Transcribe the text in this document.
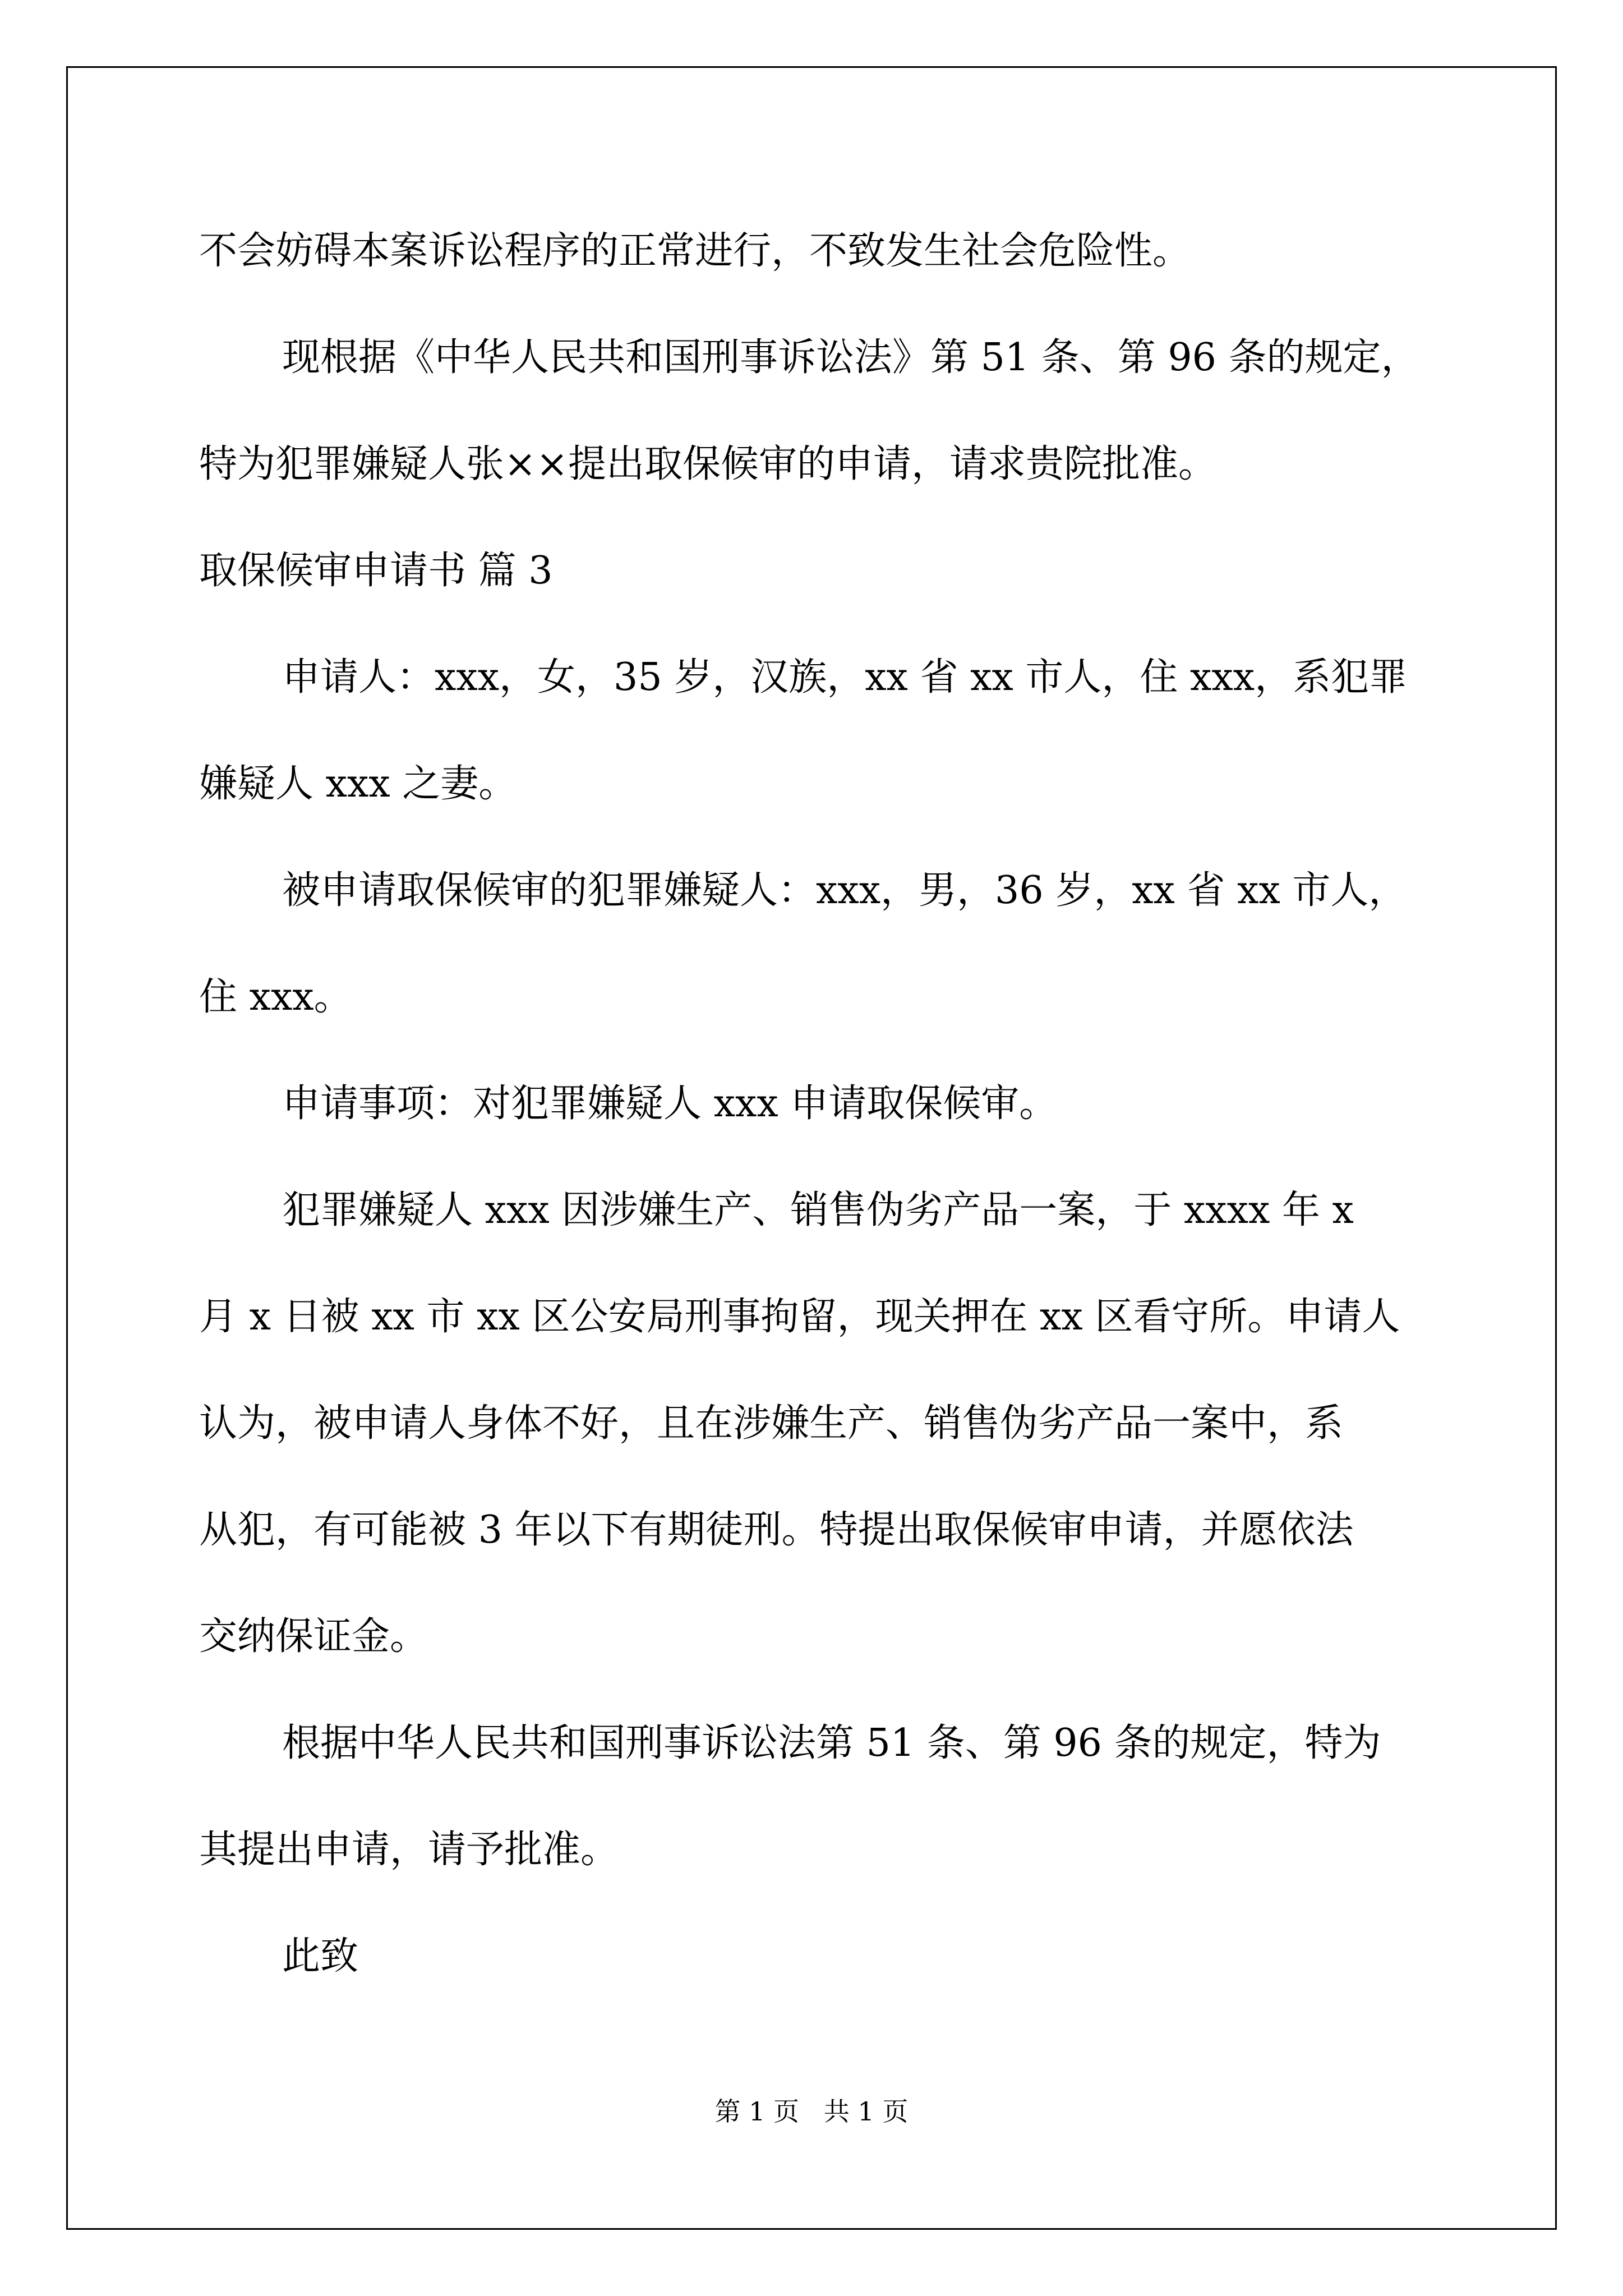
不会妨碍本案诉讼程序的正常进行，不致发生社会危险性。
现根据《中华人民共和国刑事诉讼法》第 51 条、第 96 条的规定，
特为犯罪嫌疑人张××提出取保候审的申请，请求贵院批准。
取保候审申请书 篇 3
申请人：xxx，女，35 岁，汉族，xx 省 xx 市人，住 xxx，系犯罪
嫌疑人 xxx 之妻。
被申请取保候审的犯罪嫌疑人：xxx，男，36 岁，xx 省 xx 市人，
住 xxx。
申请事项：对犯罪嫌疑人 xxx 申请取保候审。
犯罪嫌疑人 xxx 因涉嫌生产、销售伪劣产品一案，于 xxxx 年 x
月 x 日被 xx 市 xx 区公安局刑事拘留，现关押在 xx 区看守所。申请人
认为，被申请人身体不好，且在涉嫌生产、销售伪劣产品一案中，系
从犯，有可能被 3 年以下有期徒刑。特提出取保候审申请，并愿依法
交纳保证金。
根据中华人民共和国刑事诉讼法第 51 条、第 96 条的规定，特为
其提出申请，请予批准。
此致
第 1 页   共 1 页
